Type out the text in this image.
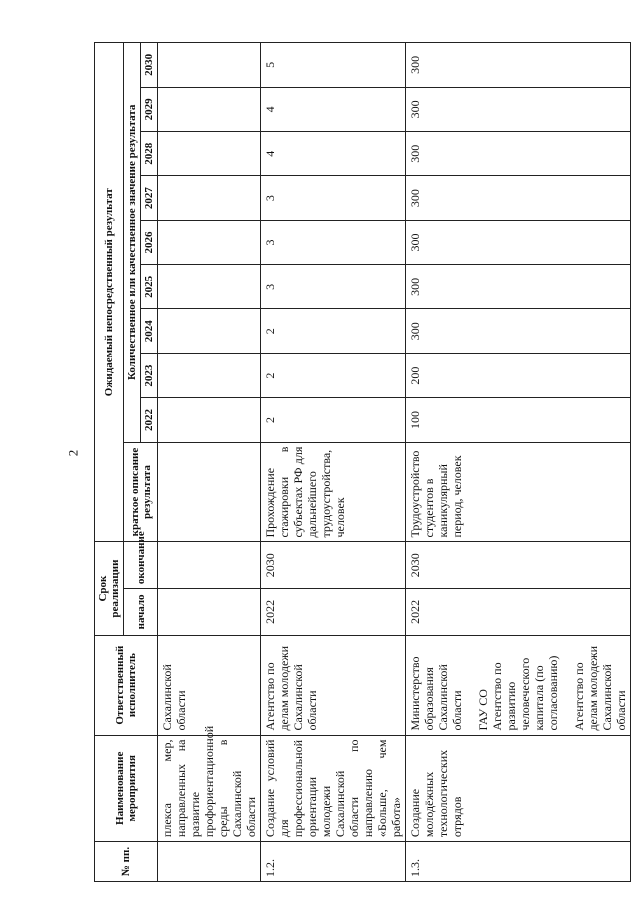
2
№ пп.	Наименование мероприятия	Ответственный исполнитель	Срок реализации		Ожидаемый непосредственный результат									
			начало	окончание	краткое описание результата	Количественное или качественное значение результата								
						2022	2023	2024	2025	2026	2027	2028	2029	2030
	плекса мер, направленных на развитие профориентационной среды в Сахалинской области	Сахалинской области												
1.2.	Создание условий для профессиональной ориентации молодежи Сахалинской области по направлению «Больше, чем работа»	Агентство по делам молодежи Сахалинской области	2022	2030	Прохождение стажировки в субъектах РФ для дальнейшего трудоустройства, человек	2	2	2	3	3	3	4	4	5
1.3.	Создание молодёжных технологических отрядов	Министерство образования Сахалинской области ГАУ СО Агентство по развитию человеческого капитала (по согласованию) Агентство по делам молодежи Сахалинской области	2022	2030	Трудоустройство студентов в каникулярный период, человек	100	200	300	300	300	300	300	300	300
